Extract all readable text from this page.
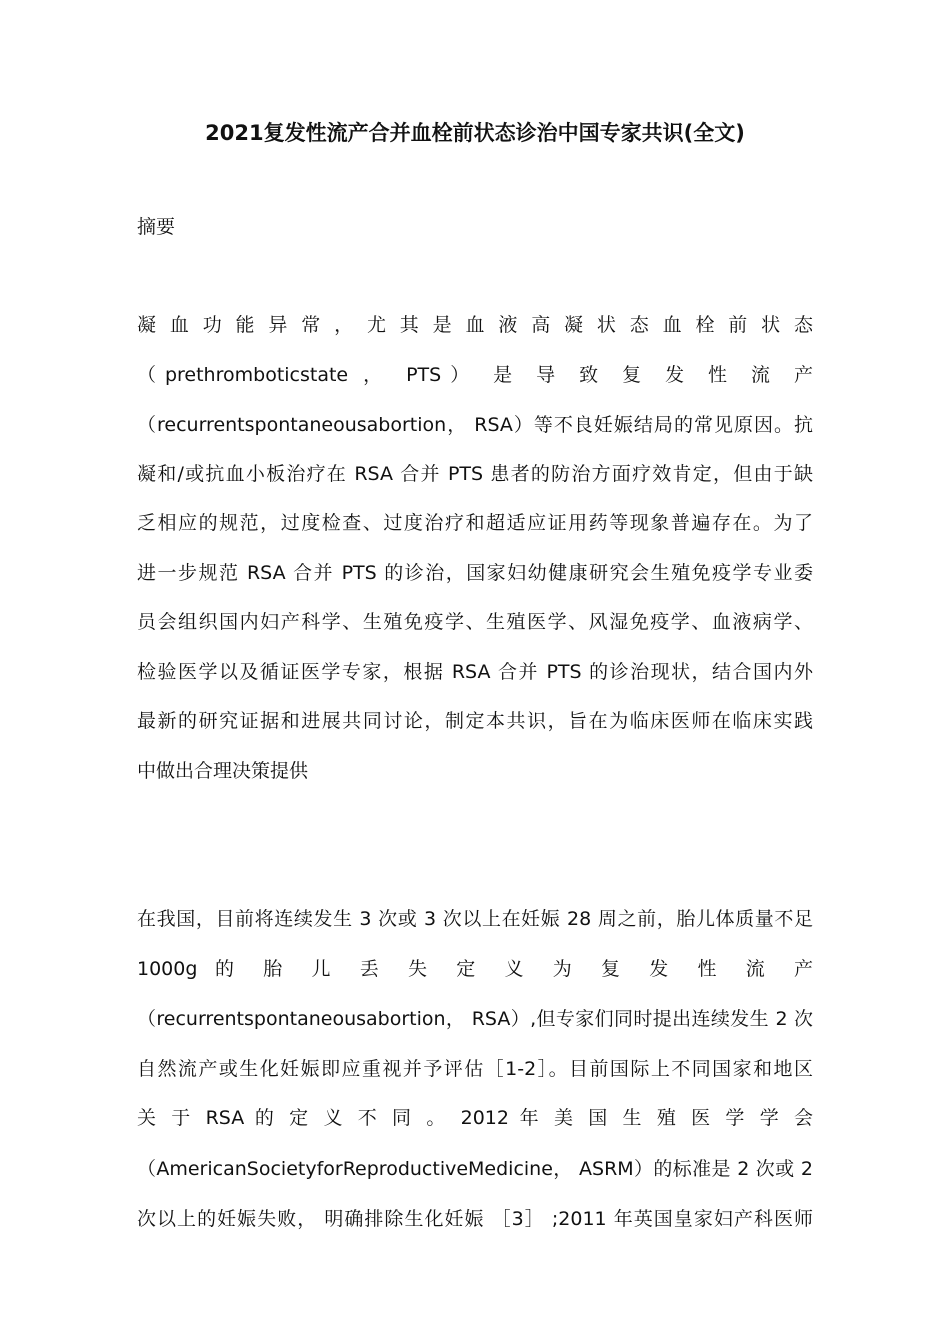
2021复发性流产合并血栓前状态诊治中国专家共识(全文)
摘要
凝 血 功 能 异 常 ， 尤 其 是 血 液 高 凝 状 态 血 栓 前 状 态
（prethromboticstate ， PTS） 是 导 致 复 发 性 流 产
（recurrentspontaneousabortion， RSA）等不良妊娠结局的常见原因。抗
凝和/或抗血小板治疗在 RSA 合并 PTS 患者的防治方面疗效肯定，但由于缺
乏相应的规范，过度检查、过度治疗和超适应证用药等现象普遍存在。为了
进一步规范 RSA 合并 PTS 的诊治，国家妇幼健康研究会生殖免疫学专业委
员会组织国内妇产科学、生殖免疫学、生殖医学、风湿免疫学、血液病学、
检验医学以及循证医学专家，根据 RSA 合并 PTS 的诊治现状，结合国内外
最新的研究证据和进展共同讨论，制定本共识，旨在为临床医师在临床实践
中做出合理决策提供
在我国，目前将连续发生 3 次或 3 次以上在妊娠 28 周之前，胎儿体质量不足
1000g 的 胎 儿 丢 失 定 义 为 复 发 性 流 产
（recurrentspontaneousabortion， RSA）,但专家们同时提出连续发生 2 次
自然流产或生化妊娠即应重视并予评估［1-2］。目前国际上不同国家和地区
关 于 RSA 的 定 义 不 同 。 2012 年 美 国 生 殖 医 学 学 会
（AmericanSocietyforReproductiveMedicine， ASRM）的标准是 2 次或 2
次以上的妊娠失败， 明确排除生化妊娠 ［3］ ;2011 年英国皇家妇产科医师
